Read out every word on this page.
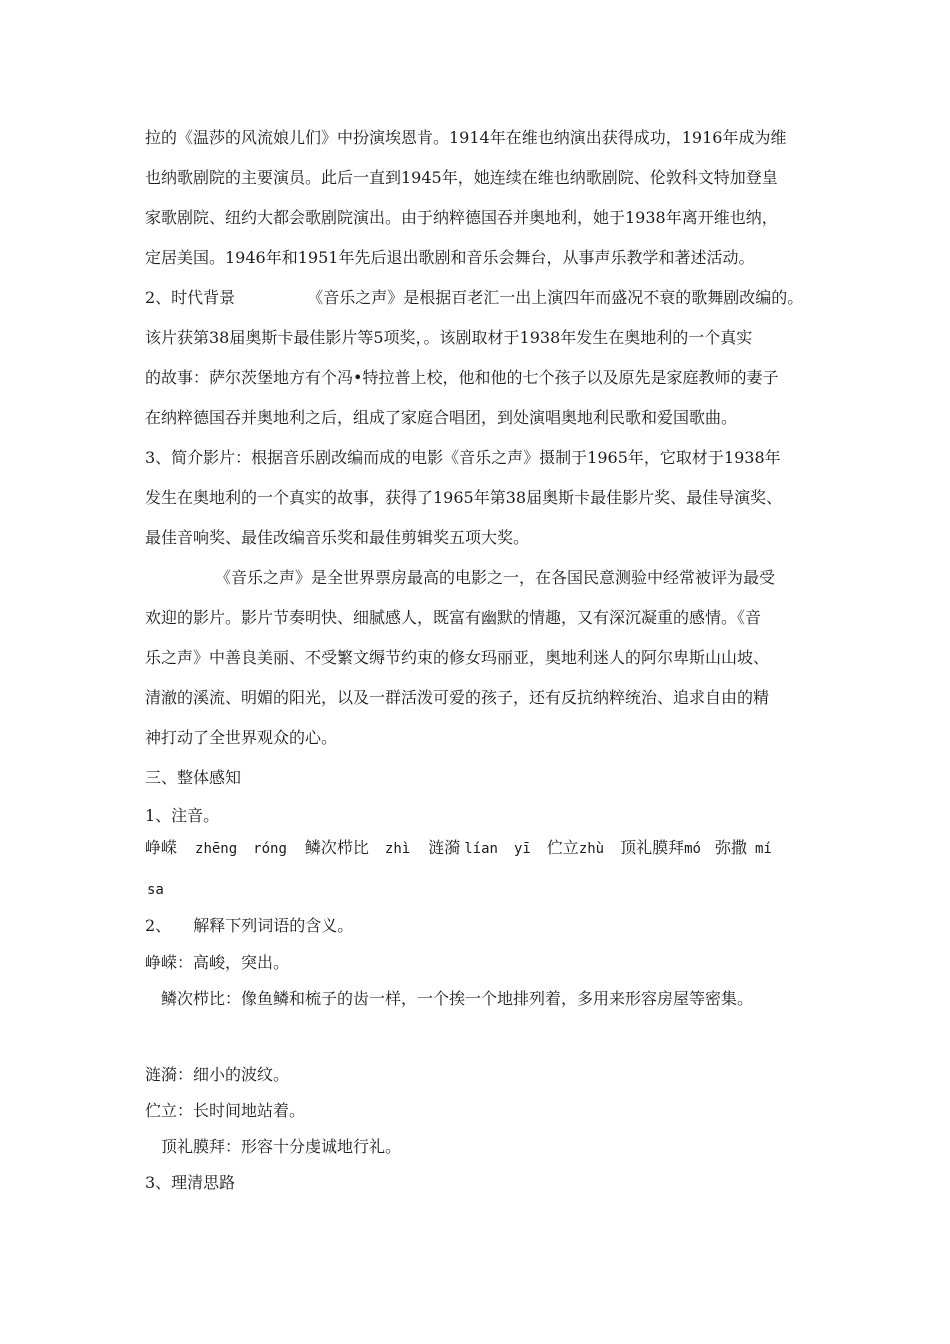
拉的《温莎的风流娘儿们》中扮演埃恩肯。1914年在维也纳演出获得成功，1916年成为维
也纳歌剧院的主要演员。此后一直到1945年，她连续在维也纳歌剧院、伦敦科文特加登皇
家歌剧院、纽约大都会歌剧院演出。由于纳粹德国吞并奥地利，她于1938年离开维也纳，
定居美国。1946年和1951年先后退出歌剧和音乐会舞台，从事声乐教学和著述活动。
2、时代背景	《音乐之声》是根据百老汇一出上演四年而盛况不衰的歌舞剧改编的。
该片获第38届奥斯卡最佳影片等5项奖，。该剧取材于1938年发生在奥地利的一个真实
的故事：萨尔茨堡地方有个冯•特拉普上校，他和他的七个孩子以及原先是家庭教师的妻子
在纳粹德国吞并奥地利之后，组成了家庭合唱团，到处演唱奥地利民歌和爱国歌曲。
3、简介影片：根据音乐剧改编而成的电影《音乐之声》摄制于1965年，它取材于1938年
发生在奥地利的一个真实的故事，获得了1965年第38届奥斯卡最佳影片奖、最佳导演奖、
最佳音响奖、最佳改编音乐奖和最佳剪辑奖五项大奖。
《音乐之声》是全世界票房最高的电影之一，在各国民意测验中经常被评为最受
欢迎的影片。影片节奏明快、细腻感人，既富有幽默的情趣，又有深沉凝重的感情。《音
乐之声》中善良美丽、不受繁文缛节约束的修女玛丽亚，奥地利迷人的阿尔卑斯山山坡、
清澈的溪流、明媚的阳光，以及一群活泼可爱的孩子，还有反抗纳粹统治、追求自由的精
神打动了全世界观众的心。
三、整体感知
1、注音。
峥嵘 zhēng róng 鳞次栉比 zhì 涟漪 lían yī 伫立zhù 顶礼膜拜mó 弥撒 mí
sa
2、 解释下列词语的含义。
峥嵘：高峻，突出。
鳞次栉比：像鱼鳞和梳子的齿一样，一个挨一个地排列着，多用来形容房屋等密集。
涟漪：细小的波纹。
伫立：长时间地站着。
顶礼膜拜：形容十分虔诚地行礼。
3、理清思路
